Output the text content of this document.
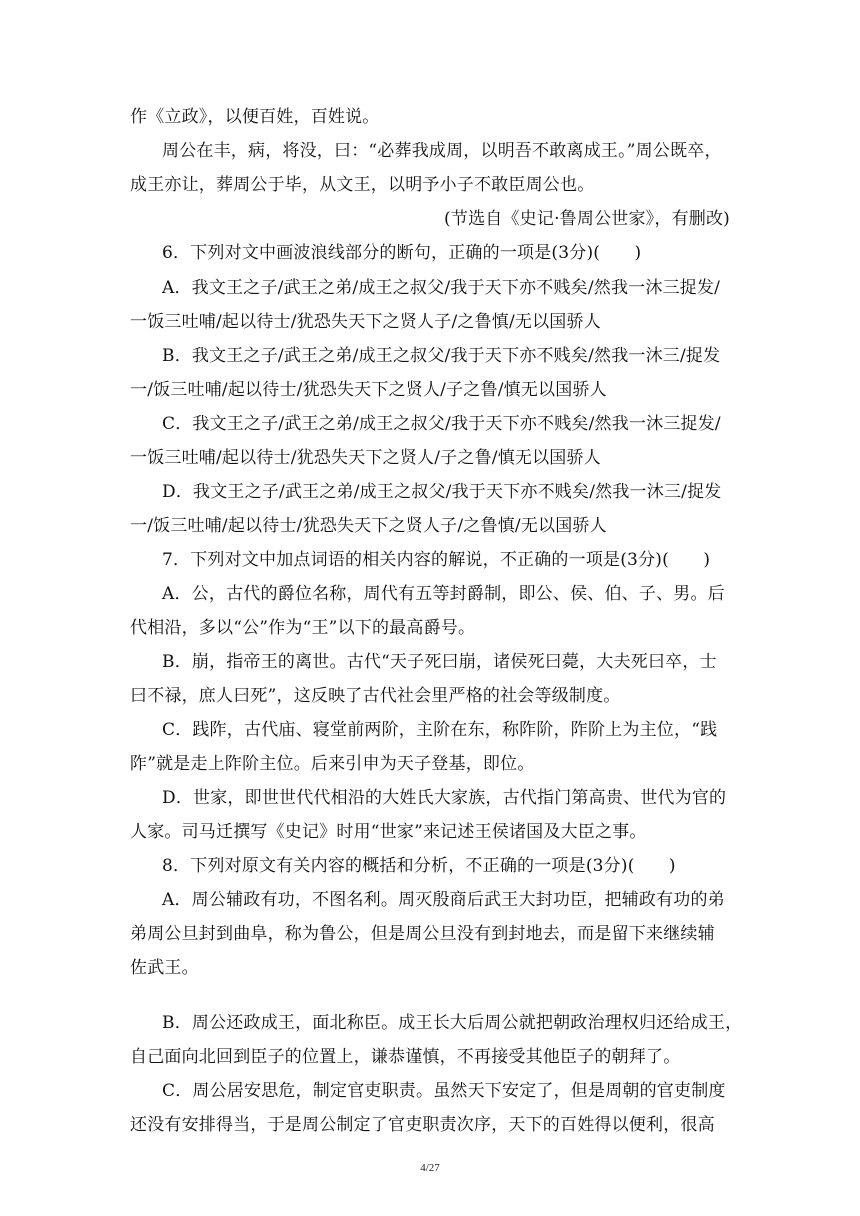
作《立政》，以便百姓，百姓说。
周公在丰，病，将没，曰：“必葬我成周，以明吾不敢离成王。”周公既卒，
成王亦让，葬周公于毕，从文王，以明予小子不敢臣周公也。
(节选自《史记·鲁周公世家》，有删改)
6．下列对文中画波浪线部分的断句，正确的一项是(3分)(　　)
A．我文王之子/武王之弟/成王之叔父/我于天下亦不贱矣/然我一沐三捉发/
一饭三吐哺/起以待士/犹恐失天下之贤人子/之鲁慎/无以国骄人
B．我文王之子/武王之弟/成王之叔父/我于天下亦不贱矣/然我一沐三/捉发
一/饭三吐哺/起以待士/犹恐失天下之贤人/子之鲁/慎无以国骄人
C．我文王之子/武王之弟/成王之叔父/我于天下亦不贱矣/然我一沐三捉发/
一饭三吐哺/起以待士/犹恐失天下之贤人/子之鲁/慎无以国骄人
D．我文王之子/武王之弟/成王之叔父/我于天下亦不贱矣/然我一沐三/捉发
一/饭三吐哺/起以待士/犹恐失天下之贤人子/之鲁慎/无以国骄人
7．下列对文中加点词语的相关内容的解说，不正确的一项是(3分)(　　)
A．公，古代的爵位名称，周代有五等封爵制，即公、侯、伯、子、男。后
代相沿，多以“公”作为“王”以下的最高爵号。
B．崩，指帝王的离世。古代“天子死曰崩，诸侯死曰薨，大夫死曰卒，士
曰不禄，庶人曰死”，这反映了古代社会里严格的社会等级制度。
C．践阼，古代庙、寝堂前两阶，主阶在东，称阼阶，阼阶上为主位，“践
阼”就是走上阼阶主位。后来引申为天子登基，即位。
D．世家，即世世代代相沿的大姓氏大家族，古代指门第高贵、世代为官的
人家。司马迁撰写《史记》时用“世家”来记述王侯诸国及大臣之事。
8．下列对原文有关内容的概括和分析，不正确的一项是(3分)(　　)
A．周公辅政有功，不图名利。周灭殷商后武王大封功臣，把辅政有功的弟
弟周公旦封到曲阜，称为鲁公，但是周公旦没有到封地去，而是留下来继续辅
佐武王。
B．周公还政成王，面北称臣。成王长大后周公就把朝政治理权归还给成王，
自己面向北回到臣子的位置上，谦恭谨慎，不再接受其他臣子的朝拜了。
C．周公居安思危，制定官吏职责。虽然天下安定了，但是周朝的官吏制度
还没有安排得当，于是周公制定了官吏职责次序，天下的百姓得以便利，很高
4/27
